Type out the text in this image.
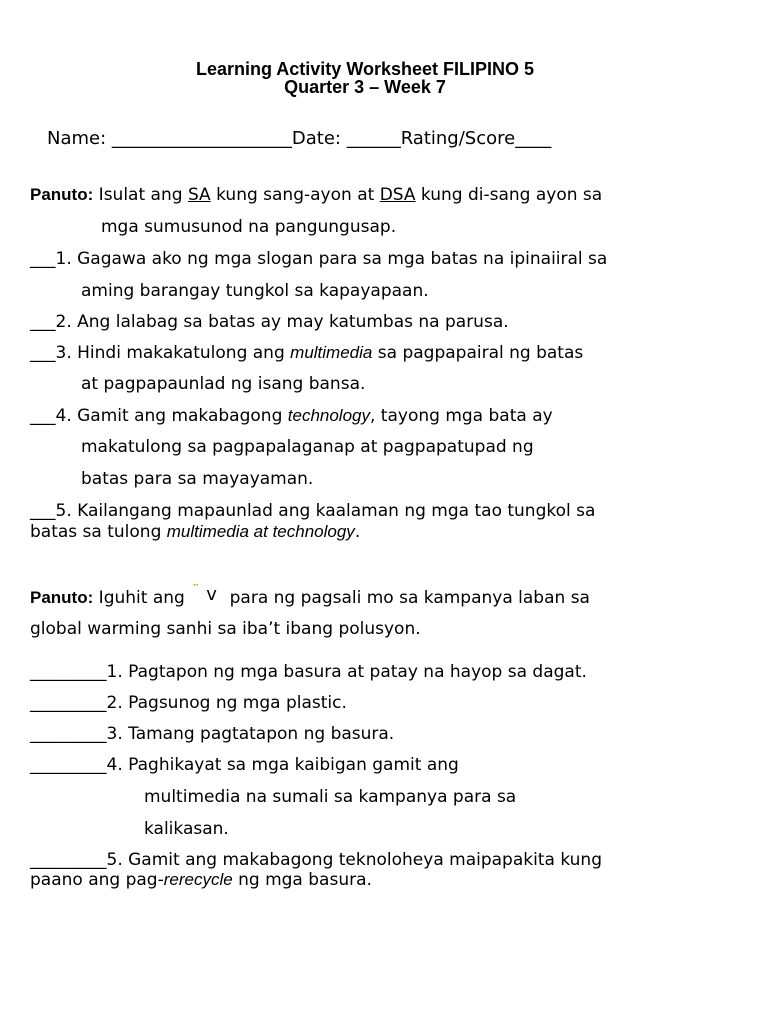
Learning Activity Worksheet FILIPINO 5
Quarter 3 – Week 7
Name: ____________________Date: ______Rating/Score____
Panuto: Isulat ang SA kung sang-ayon at DSA kung di-sang ayon sa
mga sumusunod na pangungusap.
___1. Gagawa ako ng mga slogan para sa mga batas na ipinaiiral sa
aming barangay tungkol sa kapayapaan.
___2. Ang lalabag sa batas ay may katumbas na parusa.
___3. Hindi makakatulong ang multimedia sa pagpapairal ng batas
at pagpapaunlad ng isang bansa.
___4. Gamit ang makabagong technology, tayong mga bata ay
makatulong sa pagpapalaganap at pagpapatupad ng
batas para sa mayayaman.
___5. Kailangang mapaunlad ang kaalaman ng mga tao tungkol sa
batas sa tulong multimedia at technology.
Panuto: Iguhit ang ¨ v para ng pagsali mo sa kampanya laban sa
global warming sanhi sa iba’t ibang polusyon.
_________1. Pagtapon ng mga basura at patay na hayop sa dagat.
_________2. Pagsunog ng mga plastic.
_________3. Tamang pagtatapon ng basura.
_________4. Paghikayat sa mga kaibigan gamit ang
multimedia na sumali sa kampanya para sa
kalikasan.
_________5. Gamit ang makabagong teknoloheya maipapakita kung
paano ang pag-rerecycle ng mga basura.
